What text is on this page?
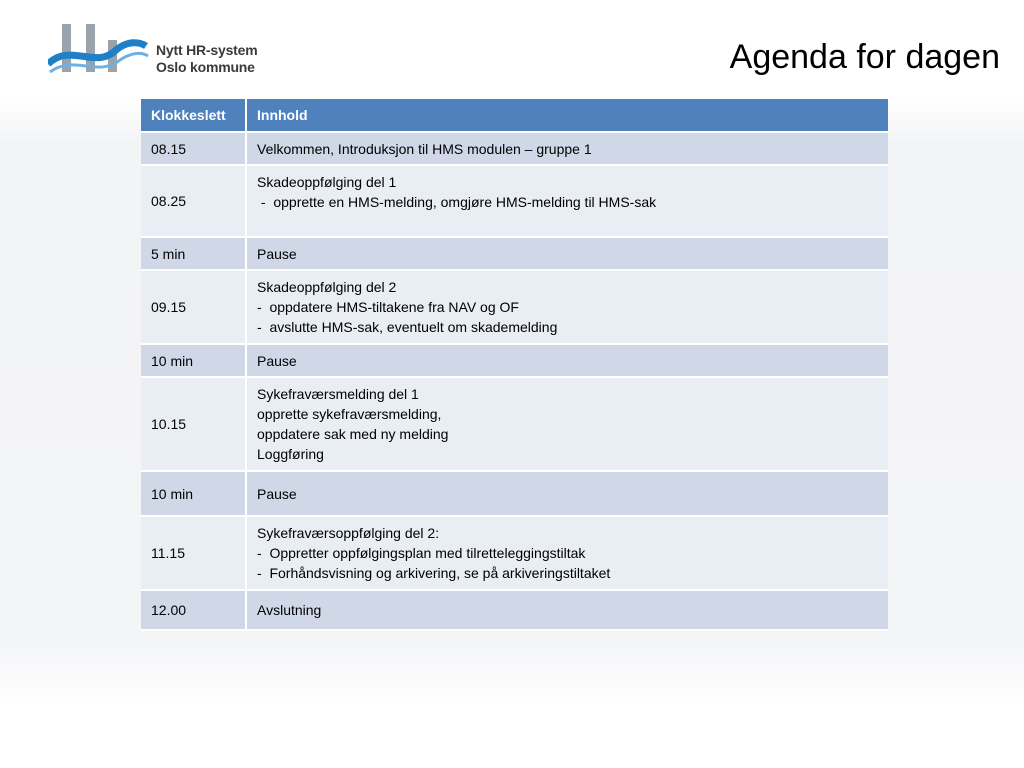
Nytt HR-system
Oslo kommune	Agenda for dagen
Klokkeslett	Innhold
08.15	Velkommen, Introduksjon til HMS modulen – gruppe 1

08.25	Skadeoppfølging del 1
-  opprette en HMS-melding, omgjøre HMS-melding til HMS-sak

5 min	Pause

09.15	Skadeoppfølging del 2
-  oppdatere HMS-tiltakene fra NAV og OF
-  avslutte HMS-sak, eventuelt om skademelding

10 min	Pause

10.15	Sykefraværsmelding del 1
opprette sykefraværsmelding,
oppdatere sak med ny melding
Loggføring

10 min	Pause

11.15	Sykefraværsoppfølging del 2:
-  Oppretter oppfølgingsplan med tilretteleggingstiltak
-  Forhåndsvisning og arkivering, se på arkiveringstiltaket

12.00	Avslutning
